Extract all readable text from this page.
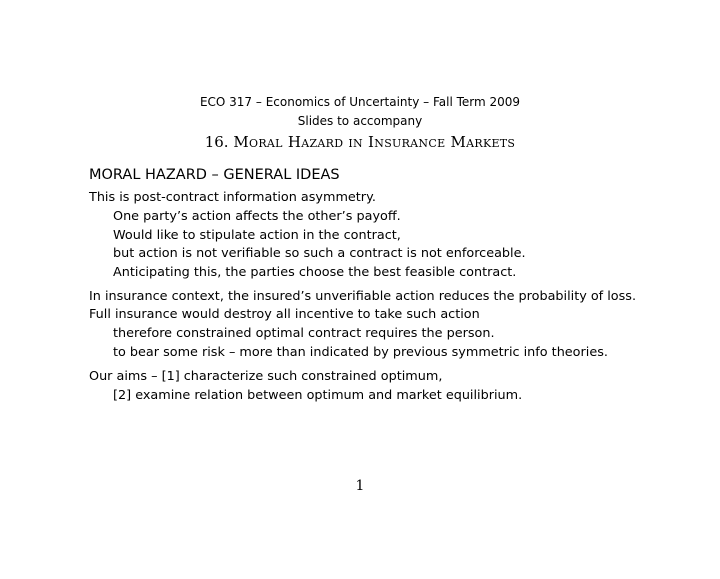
ECO 317 – Economics of Uncertainty – Fall Term 2009
Slides to accompany
16. Moral Hazard in Insurance Markets
MORAL HAZARD – GENERAL IDEAS
This is post-contract information asymmetry.
One party’s action affects the other’s payoff.
Would like to stipulate action in the contract,
but action is not verifiable so such a contract is not enforceable.
Anticipating this, the parties choose the best feasible contract.
In insurance context, the insured’s unverifiable action reduces the probability of loss.
Full insurance would destroy all incentive to take such action
therefore constrained optimal contract requires the person.
to bear some risk – more than indicated by previous symmetric info theories.
Our aims – [1] characterize such constrained optimum,
[2] examine relation between optimum and market equilibrium.
1
